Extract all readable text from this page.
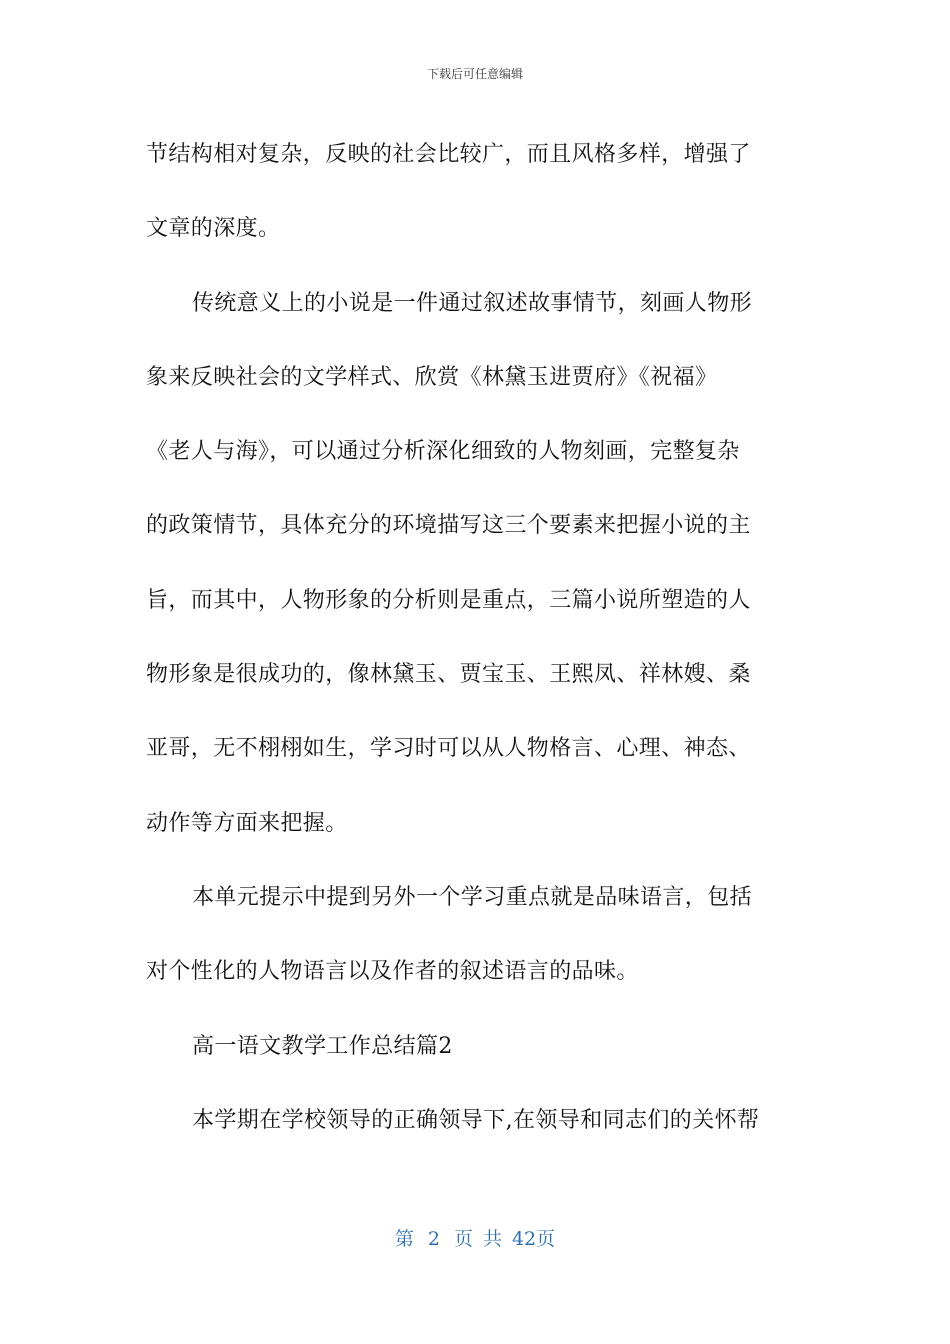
下载后可任意编辑
节结构相对复杂，反映的社会比较广，而且风格多样，增强了
文章的深度。
传统意义上的小说是一件通过叙述故事情节，刻画人物形
象来反映社会的文学样式、欣赏《林黛玉进贾府》《祝福》
《老人与海》，可以通过分析深化细致的人物刻画，完整复杂
的政策情节，具体充分的环境描写这三个要素来把握小说的主
旨，而其中，人物形象的分析则是重点，三篇小说所塑造的人
物形象是很成功的，像林黛玉、贾宝玉、王熙凤、祥林嫂、桑
亚哥，无不栩栩如生，学习时可以从人物格言、心理、神态、
动作等方面来把握。
本单元提示中提到另外一个学习重点就是品味语言，包括
对个性化的人物语言以及作者的叙述语言的品味。
高一语文教学工作总结篇2
本学期在学校领导的正确领导下,在领导和同志们的关怀帮
第 2 页 共 42页
